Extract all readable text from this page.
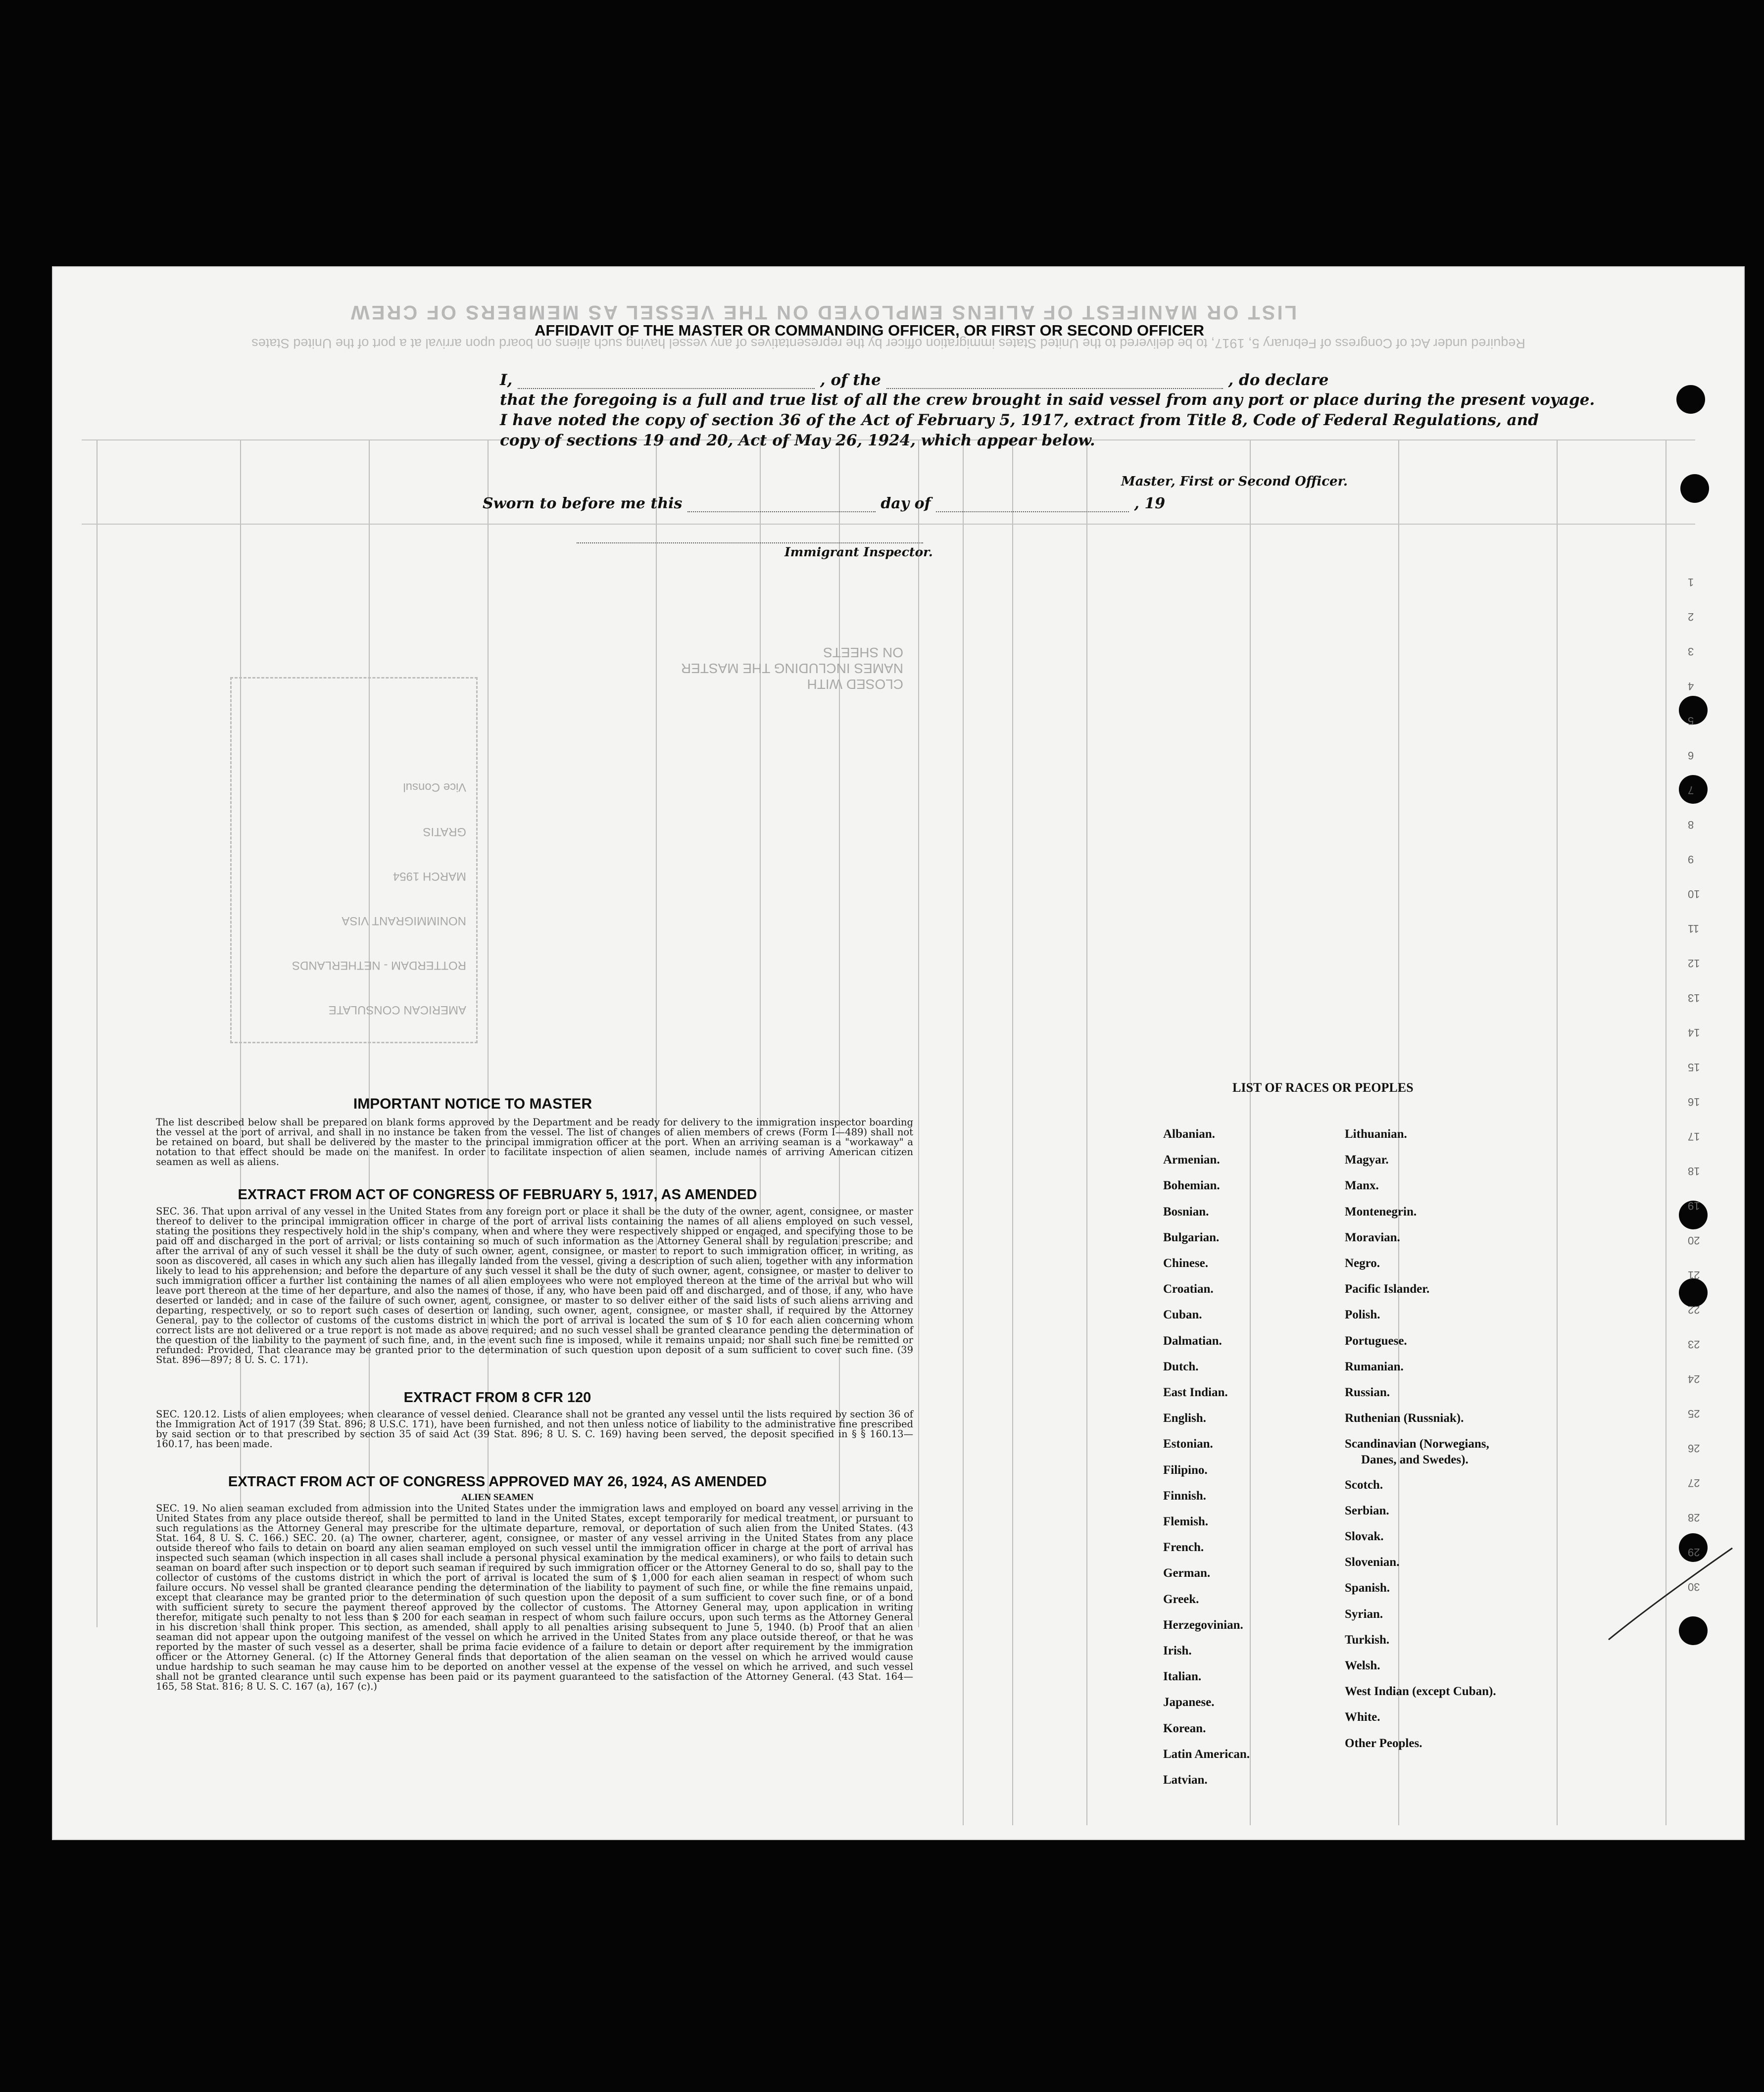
LIST OR MANIFEST OF ALIENS EMPLOYED ON THE VESSEL AS MEMBERS OF CREW
Required under Act of Congress of February 5, 1917, to be delivered to the United States immigration officer by the representatives of any vessel having such aliens on board upon arrival at a port of the United States
CLOSED WITH
NAMES INCLUDING THE MASTER
ON SHEETS
AMERICAN CONSULATE
ROTTERDAM - NETHERLANDS
NONIMMIGRANT VISA
MARCH 1954
GRATIS
Vice Consul
AFFIDAVIT OF THE MASTER OR COMMANDING OFFICER, OR FIRST OR SECOND OFFICER
I,	, of the	, do declare
that the foregoing is a full and true list of all the crew brought in said vessel from any port or place during the present voyage.
I have noted the copy of section 36 of the Act of February 5, 1917, extract from Title 8, Code of Federal Regulations, and
copy of sections 19 and 20, Act of May 26, 1924, which appear below.
Master, First or Second Officer.
Sworn to before me this	day of	, 19
Immigrant Inspector.
IMPORTANT NOTICE TO MASTER
The list described below shall be prepared on blank forms approved by the Department and be ready for delivery to the immigration inspector boarding the vessel at the port of arrival, and shall in no instance be taken from the vessel. The list of changes of alien members of crews (Form I—489) shall not be retained on board, but shall be delivered by the master to the principal immigration officer at the port. When an arriving seaman is a "workaway" a notation to that effect should be made on the manifest. In order to facilitate inspection of alien seamen, include names of arriving American citizen seamen as well as aliens.
EXTRACT FROM ACT OF CONGRESS OF FEBRUARY 5, 1917, AS AMENDED
SEC. 36. That upon arrival of any vessel in the United States from any foreign port or place it shall be the duty of the owner, agent, consignee, or master thereof to deliver to the principal immigration officer in charge of the port of arrival lists containing the names of all aliens employed on such vessel, stating the positions they respectively hold in the ship's company, when and where they were respectively shipped or engaged, and specifying those to be paid off and discharged in the port of arrival; or lists containing so much of such information as the Attorney General shall by regulation prescribe; and after the arrival of any of such vessel it shall be the duty of such owner, agent, consignee, or master to report to such immigration officer, in writing, as soon as discovered, all cases in which any such alien has illegally landed from the vessel, giving a description of such alien, together with any information likely to lead to his apprehension; and before the departure of any such vessel it shall be the duty of such owner, agent, consignee, or master to deliver to such immigration officer a further list containing the names of all alien employees who were not employed thereon at the time of the arrival but who will leave port thereon at the time of her departure, and also the names of those, if any, who have been paid off and discharged, and of those, if any, who have deserted or landed; and in case of the failure of such owner, agent, consignee, or master to so deliver either of the said lists of such aliens arriving and departing, respectively, or so to report such cases of desertion or landing, such owner, agent, consignee, or master shall, if required by the Attorney General, pay to the collector of customs of the customs district in which the port of arrival is located the sum of $ 10 for each alien concerning whom correct lists are not delivered or a true report is not made as above required; and no such vessel shall be granted clearance pending the determination of the question of the liability to the payment of such fine, and, in the event such fine is imposed, while it remains unpaid; nor shall such fine be remitted or refunded: Provided, That clearance may be granted prior to the determination of such question upon deposit of a sum sufficient to cover such fine. (39 Stat. 896—897; 8 U. S. C. 171).
EXTRACT FROM 8 CFR 120
SEC. 120.12. Lists of alien employees; when clearance of vessel denied. Clearance shall not be granted any vessel until the lists required by section 36 of the Immigration Act of 1917 (39 Stat. 896; 8 U.S.C. 171), have been furnished, and not then unless notice of liability to the administrative fine prescribed by said section or to that prescribed by section 35 of said Act (39 Stat. 896; 8 U. S. C. 169) having been served, the deposit specified in § § 160.13—160.17, has been made.
EXTRACT FROM ACT OF CONGRESS APPROVED MAY 26, 1924, AS AMENDED
ALIEN SEAMEN
SEC. 19. No alien seaman excluded from admission into the United States under the immigration laws and employed on board any vessel arriving in the United States from any place outside thereof, shall be permitted to land in the United States, except temporarily for medical treatment, or pursuant to such regulations as the Attorney General may prescribe for the ultimate departure, removal, or deportation of such alien from the United States. (43 Stat. 164, 8 U. S. C. 166.) SEC. 20. (a) The owner, charterer, agent, consignee, or master of any vessel arriving in the United States from any place outside thereof who fails to detain on board any alien seaman employed on such vessel until the immigration officer in charge at the port of arrival has inspected such seaman (which inspection in all cases shall include a personal physical examination by the medical examiners), or who fails to detain such seaman on board after such inspection or to deport such seaman if required by such immigration officer or the Attorney General to do so, shall pay to the collector of customs of the customs district in which the port of arrival is located the sum of $ 1,000 for each alien seaman in respect of whom such failure occurs. No vessel shall be granted clearance pending the determination of the liability to payment of such fine, or while the fine remains unpaid, except that clearance may be granted prior to the determination of such question upon the deposit of a sum sufficient to cover such fine, or of a bond with sufficient surety to secure the payment thereof approved by the collector of customs. The Attorney General may, upon application in writing therefor, mitigate such penalty to not less than $ 200 for each seaman in respect of whom such failure occurs, upon such terms as the Attorney General in his discretion shall think proper. This section, as amended, shall apply to all penalties arising subsequent to June 5, 1940. (b) Proof that an alien seaman did not appear upon the outgoing manifest of the vessel on which he arrived in the United States from any place outside thereof, or that he was reported by the master of such vessel as a deserter, shall be prima facie evidence of a failure to detain or deport after requirement by the immigration officer or the Attorney General. (c) If the Attorney General finds that deportation of the alien seaman on the vessel on which he arrived would cause undue hardship to such seaman he may cause him to be deported on another vessel at the expense of the vessel on which he arrived, and such vessel shall not be granted clearance until such expense has been paid or its payment guaranteed to the satisfaction of the Attorney General. (43 Stat. 164—165, 58 Stat. 816; 8 U. S. C. 167 (a), 167 (c).)
LIST OF RACES OR PEOPLES
Albanian.
Armenian.
Bohemian.
Bosnian.
Bulgarian.
Chinese.
Croatian.
Cuban.
Dalmatian.
Dutch.
East Indian.
English.
Estonian.
Filipino.
Finnish.
Flemish.
French.
German.
Greek.
Herzegovinian.
Irish.
Italian.
Japanese.
Korean.
Latin American.
Latvian.
Lithuanian.
Magyar.
Manx.
Montenegrin.
Moravian.
Negro.
Pacific Islander.
Polish.
Portuguese.
Rumanian.
Russian.
Ruthenian (Russniak).
Scandinavian (Norwegians,
Danes, and Swedes).
Scotch.
Serbian.
Slovak.
Slovenian.
Spanish.
Syrian.
Turkish.
Welsh.
West Indian (except Cuban).
White.
Other Peoples.
1
2
3
4
5
6
7
8
9
10
11
12
13
14
15
16
17
18
19
20
21
22
23
24
25
26
27
28
29
30
